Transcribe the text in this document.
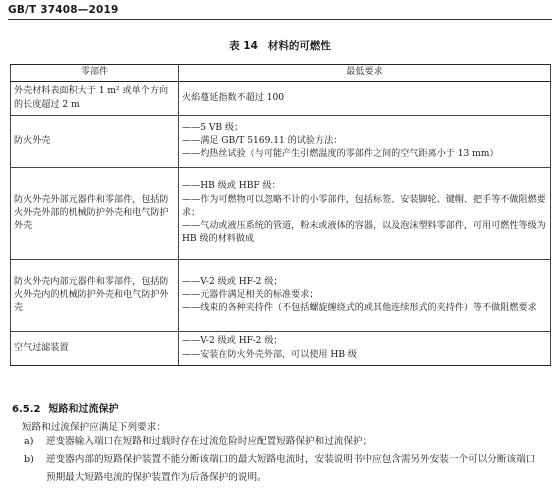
GB/T 37408—2019
表 14 材料的可燃性
零部件	最低要求
外壳材料表面积大于 1 m² 或单个方向的长度超过 2 m	火焰蔓延指数不超过 100

防火外壳	——5 VB 级；
——满足 GB/T 5169.11 的试验方法：
——灼热丝试验（与可能产生引燃温度的零部件之间的空气距离小于 13 mm）

防火外壳外部元器件和零部件，包括防火外壳外部的机械防护外壳和电气防护外壳	——HB 级或 HBF 级：
——作为可燃物可以忽略不计的小零部件，包括标签、安装脚轮、键帽、把手等不做阻燃要求；
——气动或液压系统的管道，粉末或液体的容器，以及泡沫塑料零部件，可用可燃性等级为 HB 级的材料做成

防火外壳内部元器件和零部件，包括防火外壳内的机械防护外壳和电气防护外壳	——V-2 级或 HF-2 级；
——元器件满足相关的标准要求；
——线束的各种夹持件（不包括螺旋缠绕式的或其他连续形式的夹持件）等不做阻燃要求

空气过滤装置	——V-2 级或 HF-2 级；
——安装在防火外壳外部，可以使用 HB 级
6.5.2 短路和过流保护
短路和过流保护应满足下列要求：
a)	逆变器输入端口在短路和过载时存在过流危险时应配置短路保护和过流保护；
b)	逆变器内部的短路保护装置不能分断该端口的最大短路电流时，安装说明书中应包含需另外安装一个可以分断该端口预期最大短路电流的保护装置作为后备保护的说明。
